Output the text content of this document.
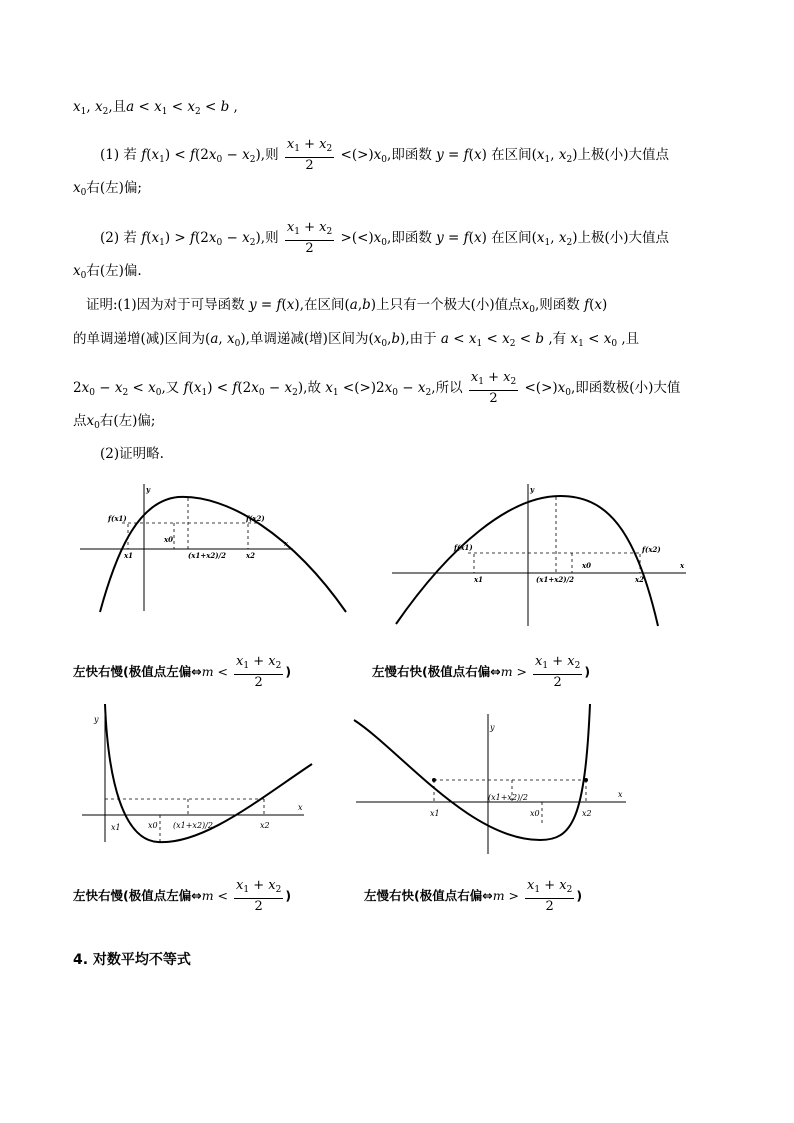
$x_1$, $x_2$,且$a < x_1 < x_2 < b$ ,
(1) 若 $f(x_1) < f(2x_0 - x_2)$,则 $\frac{x_1 + x_2}{2} <(>)x_0$,即函数 y = f(x) 在区间($x_1$, $x_2$)上极(小)大值点
$x_0$右(左)偏;
(2) 若 $f(x_1) > f(2x_0 - x_2)$,则 $\frac{x_1 + x_2}{2} >(<)x_0$,即函数 y = f(x) 在区间($x_1$, $x_2$)上极(小)大值点
$x_0$右(左)偏.
证明:(1)因为对于可导函数 y = f(x),在区间(a,b)上只有一个极大(小)值点$x_0$,则函数 f(x)
的单调递增(减)区间为(a, $x_0$),单调递减(增)区间为$(x_0,b)$,由于 $a < x_1 < x_2 < b$ ,有 $x_1 < x_0$ ,且
$2x_0 - x_2 < x_0$,又 $f(x_1) < f(2x_0 - x_2)$,故 $x_1 <(>)2x_0 - x_2$,所以 $\frac{x_1 + x_2}{2} <(>)x_0$,即函数极(小)大值
点$x_0$右(左)偏;
(2)证明略.
f(x1)	f(x2)
x1
x0
(x1+x2)/2	x2
y
x	f(x1)	f(x2)
x1
x0
(x1+x2)/2	x2
y
x
左快右慢(极值点左偏⇔m < $\frac{x_1 + x_2}{2}$ )	左慢右快(极值点右偏⇔m > $\frac{x_1 + x_2}{2}$ )
y
x
x1	x0 (x1+x2)/2	x2
y
x
x1
(x1+x2)/2
x0	x2
左快右慢(极值点左偏⇔m < $\frac{x_1 + x_2}{2}$ )	左慢右快(极值点右偏⇔m > $\frac{x_1 + x_2}{2}$ )
4. 对数平均不等式
